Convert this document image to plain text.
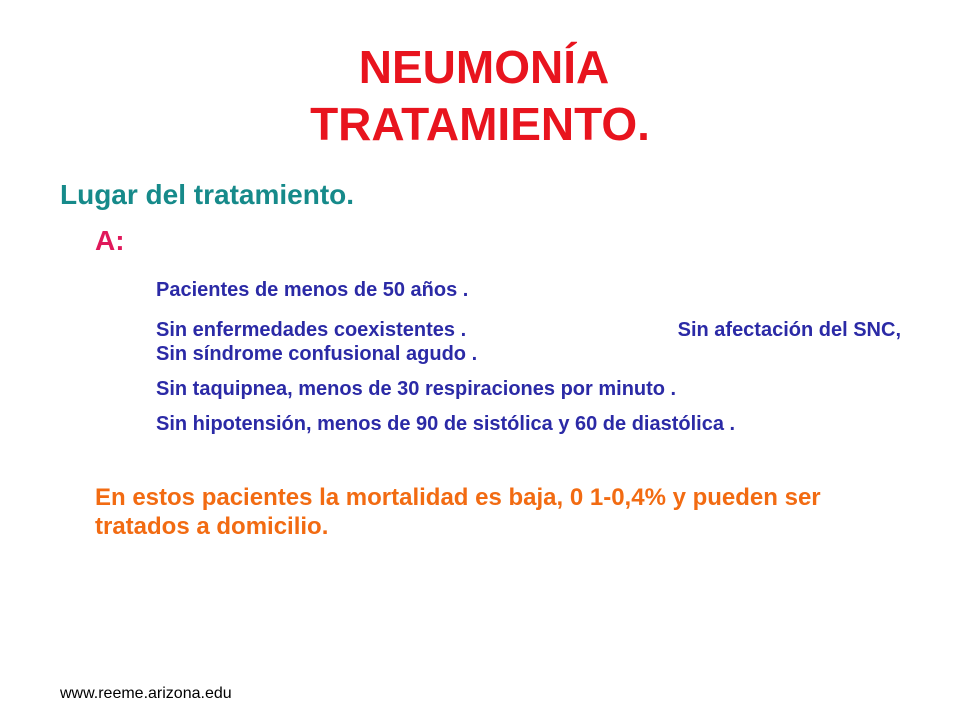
NEUMONÍA
TRATAMIENTO.
Lugar del tratamiento.
A:
Pacientes de menos de 50 años .
Sin enfermedades coexistentes .	Sin afectación del SNC,
Sin síndrome confusional agudo .
Sin taquipnea, menos de 30 respiraciones por minuto .
Sin hipotensión, menos de 90 de sistólica y 60 de diastólica .
En estos pacientes la mortalidad es baja, 0 1-0,4% y pueden ser tratados a domicilio.
www.reeme.arizona.edu
